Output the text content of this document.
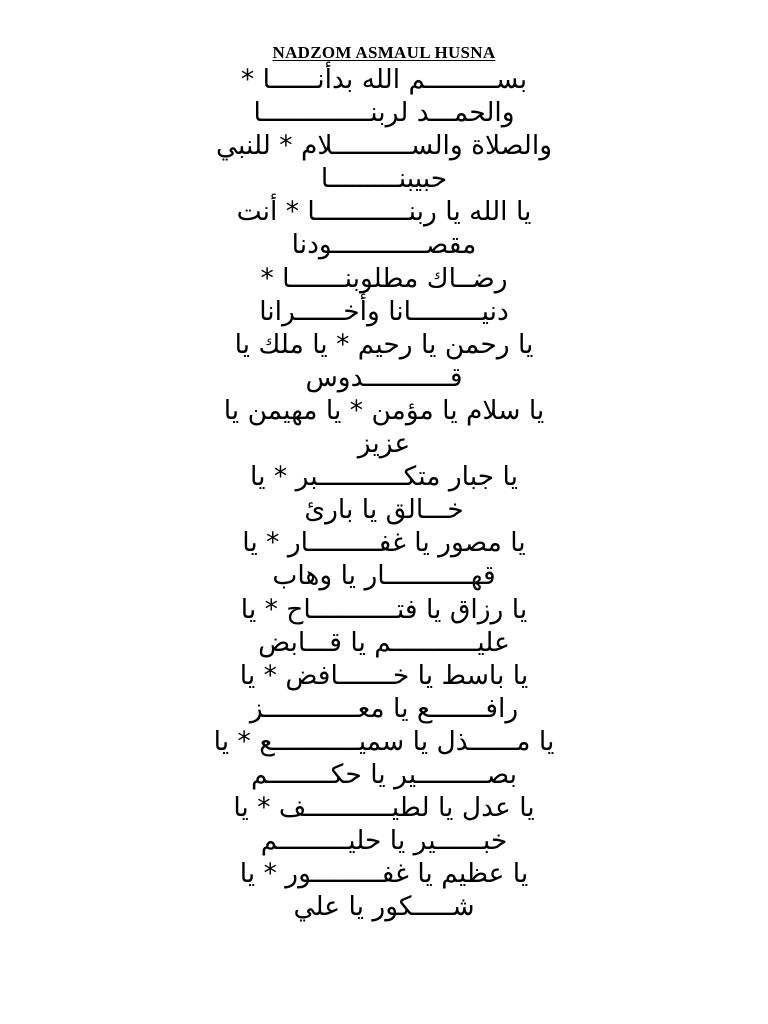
NADZOM ASMAUL HUSNA

بســـــــــم الله بدأنــــــا *

والحمـــد لربنــــــــــــــا

والصلاة والســــــــــلام * للنبي

حبيبنـــــــــا

يا الله يا ربنــــــــــــا * أنت

مقصــــــــــــودنا

رضــاك مطلوبنـــــــا *

دنيـــــــــانا وأخــــــرانا

يا رحمن يا رحيم * يا ملك يا

قـــــــــــدوس

يا سلام يا مؤمن * يا مهيمن يا

عزيز

يا جبار متكـــــــــــبر * يا

خـــالق يا بارئ

يا مصور يا غفـــــــــار * يا

قهـــــــــــار يا وهاب

يا رزاق يا فتـــــــــــاح * يا

عليـــــــــــم يا قـــابض

يا باسط يا خـــــــافض * يا

رافـــــــع يا معــــــــــــز

يا مــــــذل يا سميـــــــــــع * يا

بصـــــــــير يا حكــــــــم

يا عدل يا لطيـــــــــــف * يا

خبــــــير يا حليـــــــــم

يا عظيم يا غفـــــــــور * يا

شـــــكور يا علي
